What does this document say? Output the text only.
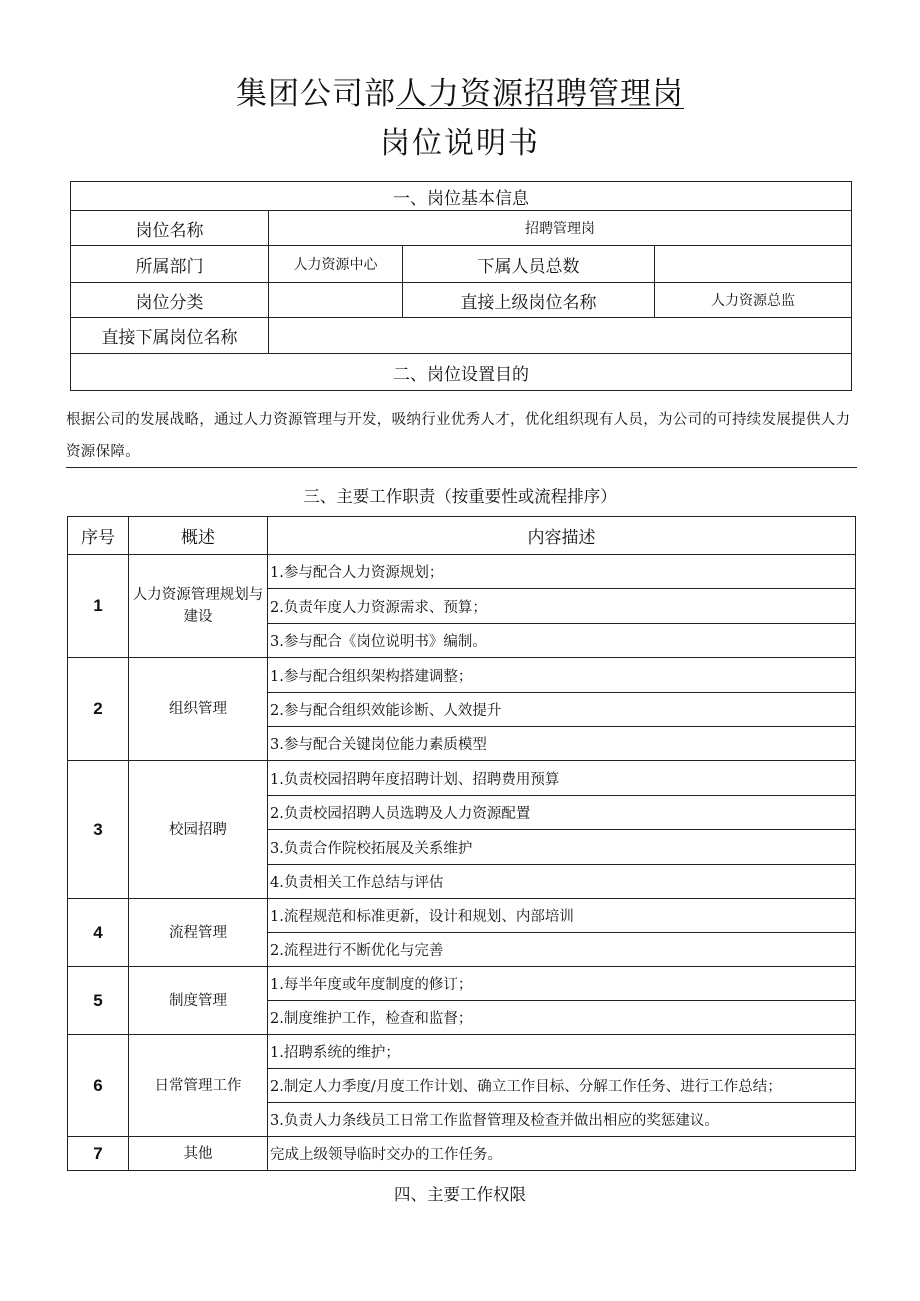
集团公司部人力资源招聘管理岗
岗位说明书
一、岗位基本信息			
岗位名称	招聘管理岗		
所属部门	人力资源中心	下属人员总数	
岗位分类		直接上级岗位名称	人力资源总监
直接下属岗位名称			
二、岗位设置目的			
根据公司的发展战略，通过人力资源管理与开发，吸纳行业优秀人才，优化组织现有人员，为公司的可持续发展提供人力资源保障。
三、主要工作职责（按重要性或流程排序）
序号	概述	内容描述
1	人力资源管理规划与建设	1.参与配合人力资源规划；
		2.负责年度人力资源需求、预算；
		3.参与配合《岗位说明书》编制。
2	组织管理	1.参与配合组织架构搭建调整；
		2.参与配合组织效能诊断、人效提升
		3.参与配合关键岗位能力素质模型
3	校园招聘	1.负责校园招聘年度招聘计划、招聘费用预算
		2.负责校园招聘人员选聘及人力资源配置
		3.负责合作院校拓展及关系维护
		4.负责相关工作总结与评估
4	流程管理	1.流程规范和标准更新，设计和规划、内部培训
		2.流程进行不断优化与完善
5	制度管理	1.每半年度或年度制度的修订；
		2.制度维护工作，检查和监督；
6	日常管理工作	1.招聘系统的维护；
		2.制定人力季度/月度工作计划、确立工作目标、分解工作任务、进行工作总结；
		3.负责人力条线员工日常工作监督管理及检查并做出相应的奖惩建议。
7	其他	完成上级领导临时交办的工作任务。
四、主要工作权限
